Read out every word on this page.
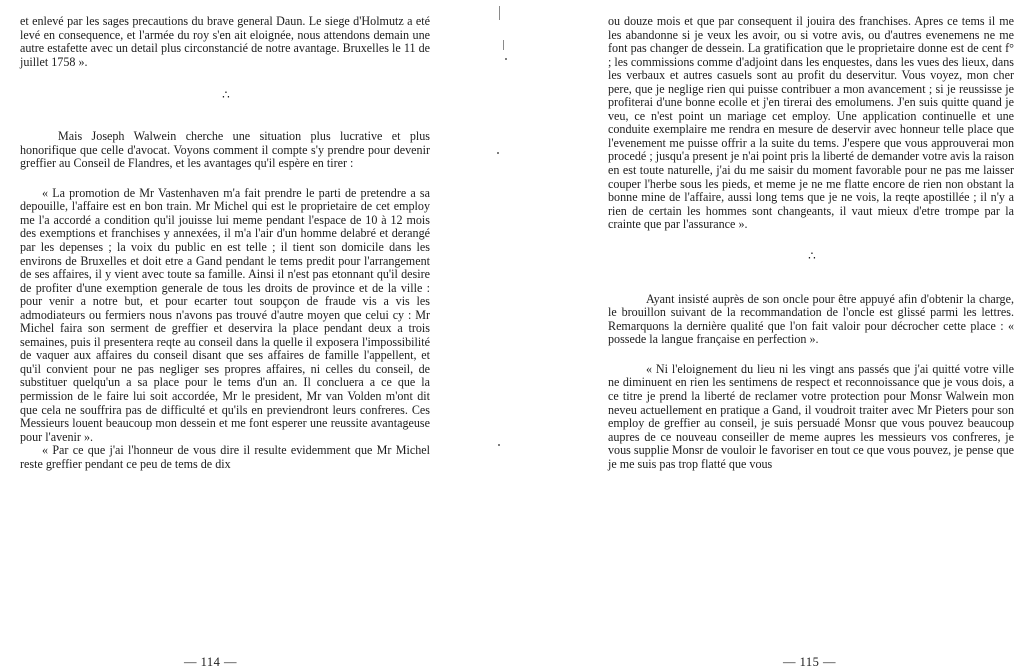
et enlevé par les sages precautions du brave general Daun. Le siege d'Holmutz a eté levé en consequence, et l'armée du roy s'en ait eloignée, nous attendons demain une autre estafette avec un detail plus circonstancié de notre avantage. Bruxelles le 11 de juillet 1758 ».

∴

Mais Joseph Walwein cherche une situation plus lucrative et plus honorifique que celle d'avocat. Voyons comment il compte s'y prendre pour devenir greffier au Conseil de Flandres, et les avantages qu'il espère en tirer :

« La promotion de Mr Vastenhaven m'a fait prendre le parti de pretendre a sa depouille, l'affaire est en bon train. Mr Michel qui est le proprietaire de cet employ me l'a accordé a condition qu'il jouisse lui meme pendant l'espace de 10 à 12 mois des exemptions et franchises y annexées, il m'a l'air d'un homme delabré et derangé par les depenses ; la voix du public en est telle ; il tient son domicile dans les environs de Bruxelles et doit etre a Gand pendant le tems predit pour l'arrangement de ses affaires, il y vient avec toute sa famille. Ainsi il n'est pas etonnant qu'il desire de profiter d'une exemption generale de tous les droits de province et de la ville : pour venir a notre but, et pour ecarter tout soupçon de fraude vis a vis les admodiateurs ou fermiers nous n'avons pas trouvé d'autre moyen que celui cy : Mr Michel faira son serment de greffier et deservira la place pendant deux a trois semaines, puis il presentera reqte au conseil dans la quelle il exposera l'impossibilité de vaquer aux affaires du conseil disant que ses affaires de famille l'appellent, et qu'il convient pour ne pas negliger ses propres affaires, ni celles du conseil, de substituer quelqu'un a sa place pour le tems d'un an. Il concluera a ce que la permission de le faire lui soit accordée, Mr le president, Mr van Volden m'ont dit que cela ne souffrira pas de difficulté et qu'ils en previendront leurs confreres. Ces Messieurs louent beaucoup mon dessein et me font esperer une reussite avantageuse pour l'avenir ».

« Par ce que j'ai l'honneur de vous dire il resulte evidemment que Mr Michel reste greffier pendant ce peu de tems de dix

— 114 —

ou douze mois et que par consequent il jouira des franchises. Apres ce tems il me les abandonne si je veux les avoir, ou si votre avis, ou d'autres evenemens ne me font pas changer de dessein. La gratification que le proprietaire donne est de cent f° ; les commissions comme d'adjoint dans les enquestes, dans les vues des lieux, dans les verbaux et autres casuels sont au profit du deservitur. Vous voyez, mon cher pere, que je neglige rien qui puisse contribuer a mon avancement ; si je reussisse je profiterai d'une bonne ecolle et j'en tirerai des emolumens. J'en suis quitte quand je veu, ce n'est point un mariage cet employ. Une application continuelle et une conduite exemplaire me rendra en mesure de deservir avec honneur telle place que l'evenement me puisse offrir a la suite du tems. J'espere que vous approuverai mon procedé ; jusqu'a present je n'ai point pris la liberté de demander votre avis la raison en est toute naturelle, j'ai du me saisir du moment favorable pour ne pas me laisser couper l'herbe sous les pieds, et meme je ne me flatte encore de rien non obstant la bonne mine de l'affaire, aussi long tems que je ne vois, la reqte apostillée ; il n'y a rien de certain les hommes sont changeants, il vaut mieux d'etre trompe par la crainte que par l'assurance ».

∴

Ayant insisté auprès de son oncle pour être appuyé afin d'obtenir la charge, le brouillon suivant de la recommandation de l'oncle est glissé parmi les lettres. Remarquons la dernière qualité que l'on fait valoir pour décrocher cette place : « possede la langue française en perfection ».

« Ni l'eloignement du lieu ni les vingt ans passés que j'ai quitté votre ville ne diminuent en rien les sentimens de respect et reconnoissance que je vous dois, a ce titre je prend la liberté de reclamer votre protection pour Monsr Walwein mon neveu actuellement en pratique a Gand, il voudroit traiter avec Mr Pieters pour son employ de greffier au conseil, je suis persuadé Monsr que vous pouvez beaucoup aupres de ce nouveau conseiller de meme aupres les messieurs vos confreres, je vous supplie Monsr de vouloir le favoriser en tout ce que vous pouvez, je pense que je me suis pas trop flatté que vous

— 115 —
